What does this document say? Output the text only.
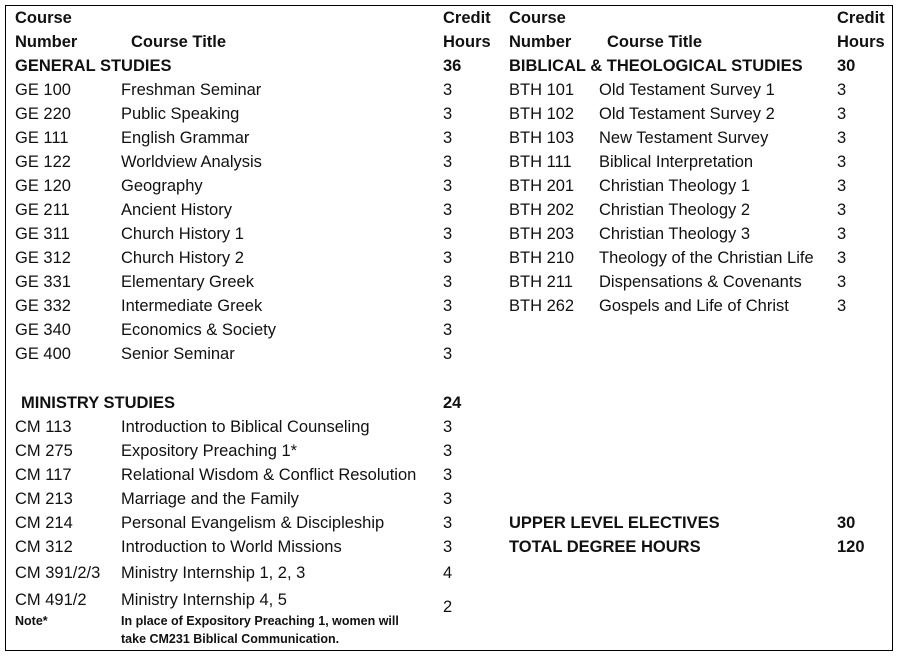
Course
Number	Course Title
Credit
Hours
Course
Number Course Title
Credit
Hours
GENERAL STUDIES	36
GE 100	Freshman Seminar	3
GE 220	Public Speaking	3
GE 111	English Grammar	3
GE 122	Worldview Analysis	3
GE 120	Geography	3
GE 211	Ancient History	3
GE 311	Church History 1	3
GE 312	Church History 2	3
GE 331	Elementary Greek	3
GE 332	Intermediate Greek	3
GE 340	Economics & Society	3
GE 400	Senior Seminar	3
MINISTRY STUDIES	24
CM 113	Introduction to Biblical Counseling	3
CM 275	Expository Preaching 1*	3
CM 117	Relational Wisdom & Conflict Resolution 3
CM 213	Marriage and the Family	3
CM 214	Personal Evangelism & Discipleship	3
CM 312	Introduction to World Missions	3
CM 391/2/3 Ministry Internship 1, 2, 3	4
CM 491/2 Ministry Internship 4, 5	2
Note*	In place of Expository Preaching 1, women will
take CM231 Biblical Communication.
BIBLICAL & THEOLOGICAL STUDIES 30
BTH 101 Old Testament Survey 1	3
BTH 102 Old Testament Survey 2	3
BTH 103 New Testament Survey	3
BTH 111 Biblical Interpretation	3
BTH 201 Christian Theology 1	3
BTH 202 Christian Theology 2	3
BTH 203 Christian Theology 3	3
BTH 210 Theology of the Christian Life 3
BTH 211 Dispensations & Covenants 3
BTH 262 Gospels and Life of Christ	3
UPPER LEVEL ELECTIVES	30
TOTAL DEGREE HOURS	120
